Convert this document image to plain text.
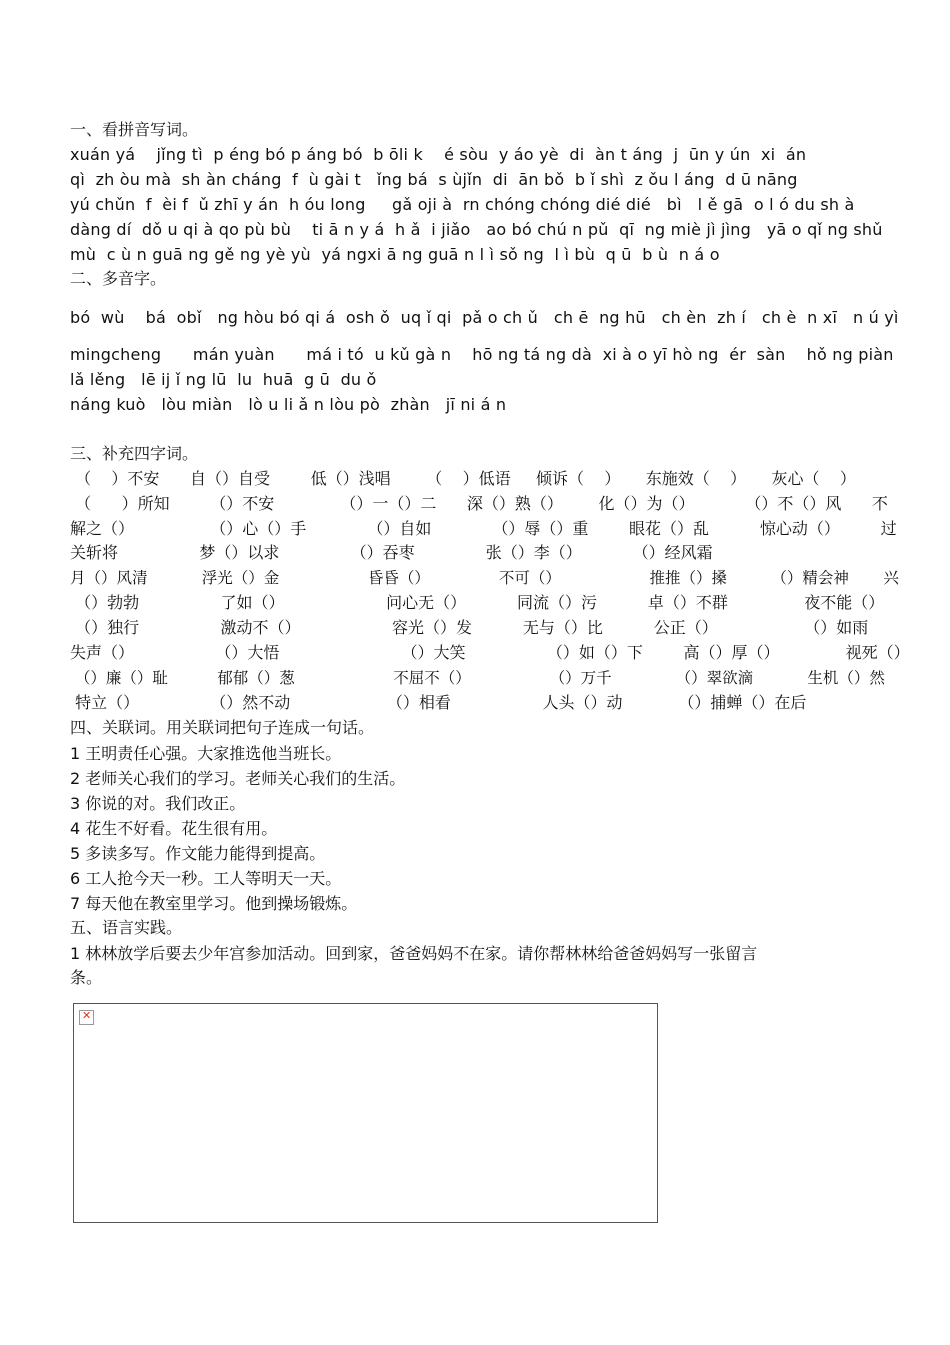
一、看拼音写词。
xuán yá    jǐng tì  p éng bó p áng bó  b ōli k    é sòu  y áo yè  di  àn t áng  j  ūn y ún  xi  án
qì  zh òu mà  sh àn cháng  f  ù gài t   ǐng bá  s ùjǐn  di  ān bǒ  b ǐ shì  z ǒu l áng  d ū nāng
yú chǔn  f  èi f  ǔ zhī y án  h óu long     gǎ oji à  rn chóng chóng dié dié   bì   l ě gā  o l ó du sh à
dàng dí  dǒ u qi à qo pù bù    ti ā n y á  h ǎ  i jiǎo   ao bó chú n pǔ  qī  ng miè jì jìng   yā o qǐ ng shǔ
mù  c ù n guā ng gě ng yè yù  yá ngxi ā ng guā n l ì sǒ ng  l ì bù  q ū  b ù  n á o
二、多音字。
bó  wù    bá  obǐ   ng hòu bó qi á  osh ǒ  uq ǐ qi  pǎ o ch ǔ   ch ē  ng hū   ch èn  zh í   ch è  n xī   n ú yì
mingcheng      mán yuàn      má i tó  u kǔ gà n    hō ng tá ng dà  xi à o yī hò ng  ér  sàn    hǒ ng piàn
lǎ lěng   lē ij ǐ ng lū  lu  huā  g ū  du ǒ
náng kuò   lòu miàn   lò u li ǎ n lòu pò  zhàn   jī ni á n
三、补充四字词。
（    ）不安      自（）自受        低（）浅唱       （    ）低语     倾诉（    ）     东施效（    ）     灰心（    ）
（      ）所知        （）不安             （）一（）二      深（）熟（）       化（）为（）          （）不（）风      不
解之（）               （）心（）手            （）自如            （）辱（）重        眼花（）乱          惊心动（）        过
关斩将                梦（）以求              （）吞枣              张（）李（）          （）经风霜
月（）风清           浮光（）金                  昏昏（）              不可（）                  推推（）搡         （）精会神       兴
（）勃勃                了如（）                    问心无（）          同流（）污          卓（）不群               夜不能（）
（）独行                激动不（）                  容光（）发          无与（）比          公正（）                 （）如雨
失声（）                （）大悟                        （）大笑                （）如（）下        高（）厚（）             视死（）
（）廉（）耻          郁郁（）葱                    不屈不（）                （）万千             （）翠欲滴           生机（）然
特立（）              （）然不动                   （）相看                  人头（）动           （）捕蝉（）在后
四、关联词。用关联词把句子连成一句话。
1 王明责任心强。大家推选他当班长。
2 老师关心我们的学习。老师关心我们的生活。
3 你说的对。我们改正。
4 花生不好看。花生很有用。
5 多读多写。作文能力能得到提高。
6 工人抢今天一秒。工人等明天一天。
7 每天他在教室里学习。他到操场锻炼。
五、语言实践。
1 林林放学后要去少年宫参加活动。回到家，爸爸妈妈不在家。请你帮林林给爸爸妈妈写一张留言
条。
✕
